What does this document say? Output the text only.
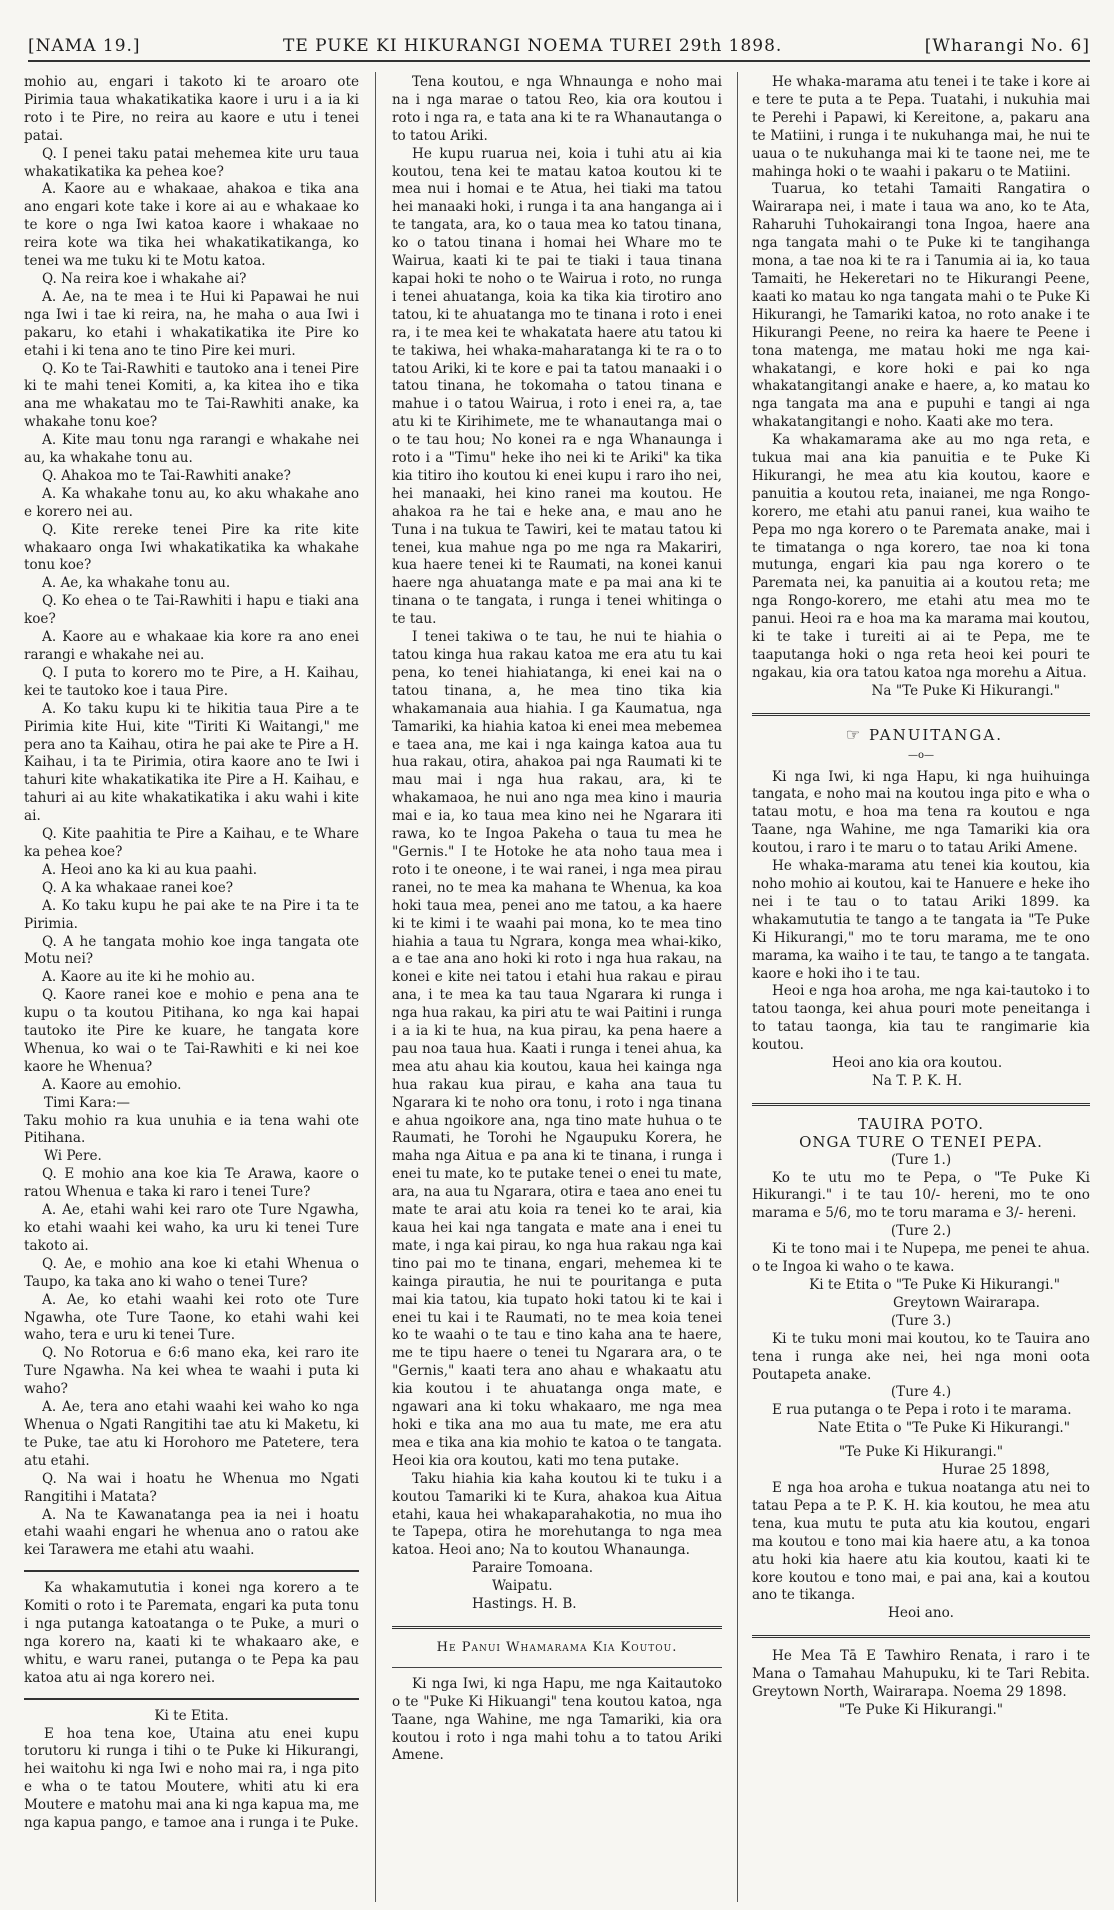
[NAMA 19.]	TE PUKE KI HIKURANGI NOEMA TUREI 29th 1898.	[Wharangi No. 6]

mohio au, engari i takoto ki te aroaro ote Pirimia taua whakatikatika kaore i uru i a ia ki roto i te Pire, no reira au kaore e utu i tenei patai.

Q. I penei taku patai mehemea kite uru taua whakatikatika ka pehea koe?

A. Kaore au e whakaae, ahakoa e tika ana ano engari kote take i kore ai au e whakaae ko te kore o nga Iwi katoa kaore i whakaae no reira kote wa tika hei whakatikatikanga, ko tenei wa me tuku ki te Motu katoa.

Q. Na reira koe i whakahe ai?

A. Ae, na te mea i te Hui ki Papawai he nui nga Iwi i tae ki reira, na, he maha o aua Iwi i pakaru, ko etahi i whakatikatika ite Pire ko etahi i ki tena ano te tino Pire kei muri.

Q. Ko te Tai-Rawhiti e tautoko ana i tenei Pire ki te mahi tenei Komiti, a, ka kitea iho e tika ana me whakatau mo te Tai-Rawhiti anake, ka whakahe tonu koe?

A. Kite mau tonu nga rarangi e whakahe nei au, ka whakahe tonu au.

Q. Ahakoa mo te Tai-Rawhiti anake?

A. Ka whakahe tonu au, ko aku whakahe ano e korero nei au.

Q. Kite rereke tenei Pire ka rite kite whakaaro onga Iwi whakatikatika ka whakahe tonu koe?

A. Ae, ka whakahe tonu au.

Q. Ko ehea o te Tai-Rawhiti i hapu e tiaki ana koe?

A. Kaore au e whakaae kia kore ra ano enei rarangi e whakahe nei au.

Q. I puta to korero mo te Pire, a H. Kaihau, kei te tautoko koe i taua Pire.

A. Ko taku kupu ki te hikitia taua Pire a te Pirimia kite Hui, kite "Tiriti Ki Waitangi," me pera ano ta Kaihau, otira he pai ake te Pire a H. Kaihau, i ta te Pirimia, otira kaore ano te Iwi i tahuri kite whakatikatika ite Pire a H. Kaihau, e tahuri ai au kite whakatikatika i aku wahi i kite ai.

Q. Kite paahitia te Pire a Kaihau, e te Whare ka pehea koe?

A. Heoi ano ka ki au kua paahi.

Q. A ka whakaae ranei koe?

A. Ko taku kupu he pai ake te na Pire i ta te Pirimia.

Q. A he tangata mohio koe inga tangata ote Motu nei?

A. Kaore au ite ki he mohio au.

Q. Kaore ranei koe e mohio e pena ana te kupu o ta koutou Pitihana, ko nga kai hapai tautoko ite Pire ke kuare, he tangata kore Whenua, ko wai o te Tai-Rawhiti e ki nei koe kaore he Whenua?

A. Kaore au emohio.

Timi Kara:—

Taku mohio ra kua unuhia e ia tena wahi ote Pitihana.

Wi Pere.

Q. E mohio ana koe kia Te Arawa, kaore o ratou Whenua e taka ki raro i tenei Ture?

A. Ae, etahi wahi kei raro ote Ture Ngawha, ko etahi waahi kei waho, ka uru ki tenei Ture takoto ai.

Q. Ae, e mohio ana koe ki etahi Whenua o Taupo, ka taka ano ki waho o tenei Ture?

A. Ae, ko etahi waahi kei roto ote Ture Ngawha, ote Ture Taone, ko etahi wahi kei waho, tera e uru ki tenei Ture.

Q. No Rotorua e 6:6 mano eka, kei raro ite Ture Ngawha. Na kei whea te waahi i puta ki waho?

A. Ae, tera ano etahi waahi kei waho ko nga Whenua o Ngati Rangitihi tae atu ki Maketu, ki te Puke, tae atu ki Horohoro me Patetere, tera atu etahi.

Q. Na wai i hoatu he Whenua mo Ngati Rangitihi i Matata?

A. Na te Kawanatanga pea ia nei i hoatu etahi waahi engari he whenua ano o ratou ake kei Tarawera me etahi atu waahi.

Ka whakamututia i konei nga korero a te Komiti o roto i te Paremata, engari ka puta tonu i nga putanga katoatanga o te Puke, a muri o nga korero na, kaati ki te whakaaro ake, e whitu, e waru ranei, putanga o te Pepa ka pau katoa atu ai nga korero nei.

Ki te Etita.

E hoa tena koe, Utaina atu enei kupu torutoru ki runga i tihi o te Puke ki Hikurangi, hei waitohu ki nga Iwi e noho mai ra, i nga pito e wha o te tatou Moutere, whiti atu ki era Moutere e matohu mai ana ki nga kapua ma, me nga kapua pango, e tamoe ana i runga i te Puke.

Tena koutou, e nga Whnaunga e noho mai na i nga marae o tatou Reo, kia ora koutou i roto i nga ra, e tata ana ki te ra Whanautanga o to tatou Ariki.

He kupu ruarua nei, koia i tuhi atu ai kia koutou, tena kei te matau katoa koutou ki te mea nui i homai e te Atua, hei tiaki ma tatou hei manaaki hoki, i runga i ta ana hanganga ai i te tangata, ara, ko o taua mea ko tatou tinana, ko o tatou tinana i homai hei Whare mo te Wairua, kaati ki te pai te tiaki i taua tinana kapai hoki te noho o te Wairua i roto, no runga i tenei ahuatanga, koia ka tika kia tirotiro ano tatou, ki te ahuatanga mo te tinana i roto i enei ra, i te mea kei te whakatata haere atu tatou ki te takiwa, hei whaka-maharatanga ki te ra o to tatou Ariki, ki te kore e pai ta tatou manaaki i o tatou tinana, he tokomaha o tatou tinana e mahue i o tatou Wairua, i roto i enei ra, a, tae atu ki te Kirihimete, me te whanautanga mai o o te tau hou; No konei ra e nga Whanaunga i roto i a "Timu" heke iho nei ki te Ariki" ka tika kia titiro iho koutou ki enei kupu i raro iho nei, hei manaaki, hei kino ranei ma koutou. He ahakoa ra he tai e heke ana, e mau ano he Tuna i na tukua te Tawiri, kei te matau tatou ki tenei, kua mahue nga po me nga ra Makariri, kua haere tenei ki te Raumati, na konei kanui haere nga ahuatanga mate e pa mai ana ki te tinana o te tangata, i runga i tenei whitinga o te tau.

I tenei takiwa o te tau, he nui te hiahia o tatou kinga hua rakau katoa me era atu tu kai pena, ko tenei hiahiatanga, ki enei kai na o tatou tinana, a, he mea tino tika kia whakamanaia aua hiahia. I ga Kaumatua, nga Tamariki, ka hiahia katoa ki enei mea mebemea e taea ana, me kai i nga kainga katoa aua tu hua rakau, otira, ahakoa pai nga Raumati ki te mau mai i nga hua rakau, ara, ki te whakamaoa, he nui ano nga mea kino i mauria mai e ia, ko taua mea kino nei he Ngarara iti rawa, ko te Ingoa Pakeha o taua tu mea he "Gernis." I te Hotoke he ata noho taua mea i roto i te oneone, i te wai ranei, i nga mea pirau ranei, no te mea ka mahana te Whenua, ka koa hoki taua mea, penei ano me tatou, a ka haere ki te kimi i te waahi pai mona, ko te mea tino hiahia a taua tu Ngrara, konga mea whai-kiko, a e tae ana ano hoki ki roto i nga hua rakau, na konei e kite nei tatou i etahi hua rakau e pirau ana, i te mea ka tau taua Ngarara ki runga i nga hua rakau, ka piri atu te wai Paitini i runga i a ia ki te hua, na kua pirau, ka pena haere a pau noa taua hua. Kaati i runga i tenei ahua, ka mea atu ahau kia koutou, kaua hei kainga nga hua rakau kua pirau, e kaha ana taua tu Ngarara ki te noho ora tonu, i roto i nga tinana e ahua ngoikore ana, nga tino mate huhua o te Raumati, he Torohi he Ngaupuku Korera, he maha nga Aitua e pa ana ki te tinana, i runga i enei tu mate, ko te putake tenei o enei tu mate, ara, na aua tu Ngarara, otira e taea ano enei tu mate te arai atu koia ra tenei ko te arai, kia kaua hei kai nga tangata e mate ana i enei tu mate, i nga kai pirau, ko nga hua rakau nga kai tino pai mo te tinana, engari, mehemea ki te kainga pirautia, he nui te pouritanga e puta mai kia tatou, kia tupato hoki tatou ki te kai i enei tu kai i te Raumati, no te mea koia tenei ko te waahi o te tau e tino kaha ana te haere, me te tipu haere o tenei tu Ngarara ara, o te "Gernis," kaati tera ano ahau e whakaatu atu kia koutou i te ahuatanga onga mate, e ngawari ana ki toku whakaaro, me nga mea hoki e tika ana mo aua tu mate, me era atu mea e tika ana kia mohio te katoa o te tangata. Heoi kia ora koutou, kati mo tena putake.

Taku hiahia kia kaha koutou ki te tuku i a koutou Tamariki ki te Kura, ahakoa kua Aitua etahi, kaua hei whakaparahakotia, no mua iho te Tapepa, otira he morehutanga to nga mea katoa. Heoi ano; Na to koutou Whanaunga.

Paraire Tomoana.

Waipatu.

Hastings. H. B.

He Panui Whamarama Kia Koutou.

Ki nga Iwi, ki nga Hapu, me nga Kaitautoko o te "Puke Ki Hikuangi" tena koutou katoa, nga Taane, nga Wahine, me nga Tamariki, kia ora koutou i roto i nga mahi tohu a to tatou Ariki Amene.

He whaka-marama atu tenei i te take i kore ai e tere te puta a te Pepa. Tuatahi, i nukuhia mai te Perehi i Papawi, ki Kereitone, a, pakaru ana te Matiini, i runga i te nukuhanga mai, he nui te uaua o te nukuhanga mai ki te taone nei, me te mahinga hoki o te waahi i pakaru o te Matiini.

Tuarua, ko tetahi Tamaiti Rangatira o Wairarapa nei, i mate i taua wa ano, ko te Ata, Raharuhi Tuhokairangi tona Ingoa, haere ana nga tangata mahi o te Puke ki te tangihanga mona, a tae noa ki te ra i Tanumia ai ia, ko taua Tamaiti, he Hekeretari no te Hikurangi Peene, kaati ko matau ko nga tangata mahi o te Puke Ki Hikurangi, he Tamariki katoa, no roto anake i te Hikurangi Peene, no reira ka haere te Peene i tona matenga, me matau hoki me nga kai-whakatangi, e kore hoki e pai ko nga whakatangitangi anake e haere, a, ko matau ko nga tangata ma ana e pupuhi e tangi ai nga whakatangitangi e noho. Kaati ake mo tera.

Ka whakamarama ake au mo nga reta, e tukua mai ana kia panuitia e te Puke Ki Hikurangi, he mea atu kia koutou, kaore e panuitia a koutou reta, inaianei, me nga Rongo-korero, me etahi atu panui ranei, kua waiho te Pepa mo nga korero o te Paremata anake, mai i te timatanga o nga korero, tae noa ki tona mutunga, engari kia pau nga korero o te Paremata nei, ka panuitia ai a koutou reta; me nga Rongo-korero, me etahi atu mea mo te panui. Heoi ra e hoa ma ka marama mai koutou, ki te take i tureiti ai ai te Pepa, me te taaputanga hoki o nga reta heoi kei pouri te ngakau, kia ora tatou katoa nga morehu a Aitua.

Na "Te Puke Ki Hikurangi."

☞ PANUITANGA.

—o—

Ki nga Iwi, ki nga Hapu, ki nga huihuinga tangata, e noho mai na koutou inga pito e wha o tatau motu, e hoa ma tena ra koutou e nga Taane, nga Wahine, me nga Tamariki kia ora koutou, i raro i te maru o to tatau Ariki Amene.

He whaka-marama atu tenei kia koutou, kia noho mohio ai koutou, kai te Hanuere e heke iho nei i te tau o to tatau Ariki 1899. ka whakamututia te tango a te tangata ia "Te Puke Ki Hikurangi," mo te toru marama, me te ono marama, ka waiho i te tau, te tango a te tangata. kaore e hoki iho i te tau.

Heoi e nga hoa aroha, me nga kai-tautoko i to tatou taonga, kei ahua pouri mote peneitanga i to tatau taonga, kia tau te rangimarie kia koutou.

Heoi ano kia ora koutou.

Na T. P. K. H.

TAUIRA POTO.

ONGA TURE O TENEI PEPA.

(Ture 1.)

Ko te utu mo te Pepa, o "Te Puke Ki Hikurangi." i te tau 10/- hereni, mo te ono marama e 5/6, mo te toru marama e 3/- hereni.

(Ture 2.)

Ki te tono mai i te Nupepa, me penei te ahua. o te Ingoa ki waho o te kawa.

Ki te Etita o "Te Puke Ki Hikurangi."

Greytown Wairarapa.

(Ture 3.)

Ki te tuku moni mai koutou, ko te Tauira ano tena i runga ake nei, hei nga moni oota Poutapeta anake.

(Ture 4.)

E rua putanga o te Pepa i roto i te marama.

Nate Etita o "Te Puke Ki Hikurangi."

"Te Puke Ki Hikurangi."

Hurae 25 1898,

E nga hoa aroha e tukua noatanga atu nei to tatau Pepa a te P. K. H. kia koutou, he mea atu tena, kua mutu te puta atu kia koutou, engari ma koutou e tono mai kia haere atu, a ka tonoa atu hoki kia haere atu kia koutou, kaati ki te kore koutou e tono mai, e pai ana, kai a koutou ano te tikanga.

Heoi ano.

He Mea Tā E Tawhiro Renata, i raro i te Mana o Tamahau Mahupuku, ki te Tari Rebita. Greytown North, Wairarapa. Noema 29 1898.

"Te Puke Ki Hikurangi."
